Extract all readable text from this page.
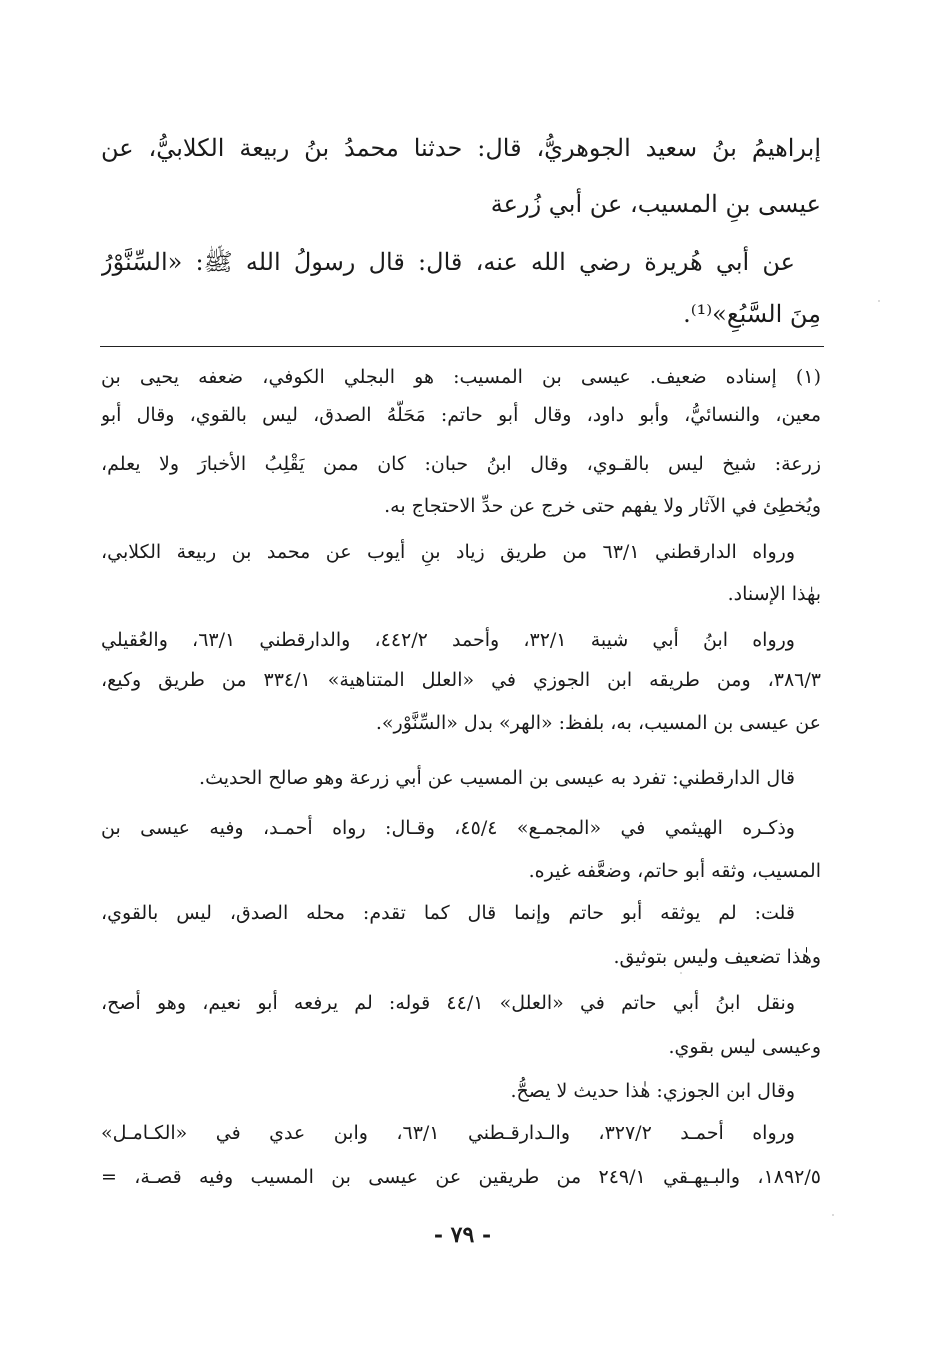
إبراهيمُ بنُ سعيد الجوهريُّ، قال: حدثنا محمدُ بنُ ربيعة الكلابيُّ، عن
عيسى بنِ المسيب، عن أبي زُرعة
عن أبي هُريرة رضي الله عنه، قال: قال رسولُ الله ﷺ: «السِّنَّوْرُ
مِنَ السَّبُعِ»⁽¹⁾.
(١) إسناده ضعيف. عيسى بن المسيب: هو البجلي الكوفي، ضعفه يحيى بن
معين، والنسائيُّ، وأبو داود، وقال أبو حاتم: مَحَلُّهُ الصدق، ليس بالقوي، وقال أبو
زرعة: شيخ ليس بالقـوي، وقال ابنُ حبان: كان ممن يَقْلِبُ الأخبارَ ولا يعلم،
ويُخطِئ في الآثار ولا يفهم حتى خرج عن حدِّ الاحتجاج به.
ورواه الدارقطني ٦٣/١ من طريق زياد بنِ أيوب عن محمد بن ربيعة الكلابي،
بهٰذا الإسناد.
ورواه ابنُ أبي شيبة ٣٢/١، وأحمد ٤٤٢/٢، والدارقطني ٦٣/١، والعُقيلي
٣٨٦/٣، ومن طريقه ابن الجوزي في «العلل المتناهية» ٣٣٤/١ من طريق وكيع،
عن عيسى بن المسيب، به، بلفظ: «الهر» بدل «السِّنَّوْر».
قال الدارقطني: تفرد به عيسى بن المسيب عن أبي زرعة وهو صالح الحديث.
وذكـره الهيثمي في «المجمـع» ٤٥/٤، وقـال: رواه أحمـد، وفيه عيسى بن
المسيب، وثقه أبو حاتم، وضعَّفه غيره.
قلت: لم يوثقه أبو حاتم وإنما قال كما تقدم: محله الصدق، ليس بالقوي،
وهٰذا تضعيف وليس بتوثيق.
ونقل ابنُ أبي حاتم في «العلل» ٤٤/١ قوله: لم يرفعه أبو نعيم، وهو أصح،
وعيسى ليس بقوي.
وقال ابن الجوزي: هٰذا حديث لا يصحُّ.
ورواه أحمـد ٣٢٧/٢، والـدارقـطني ٦٣/١، وابن عدي في «الكـامـل»
١٨٩٢/٥، والبـيهـقي ٢٤٩/١ من طريقين عن عيسى بن المسيب وفيه قصـة، =
- ٧٩ -
